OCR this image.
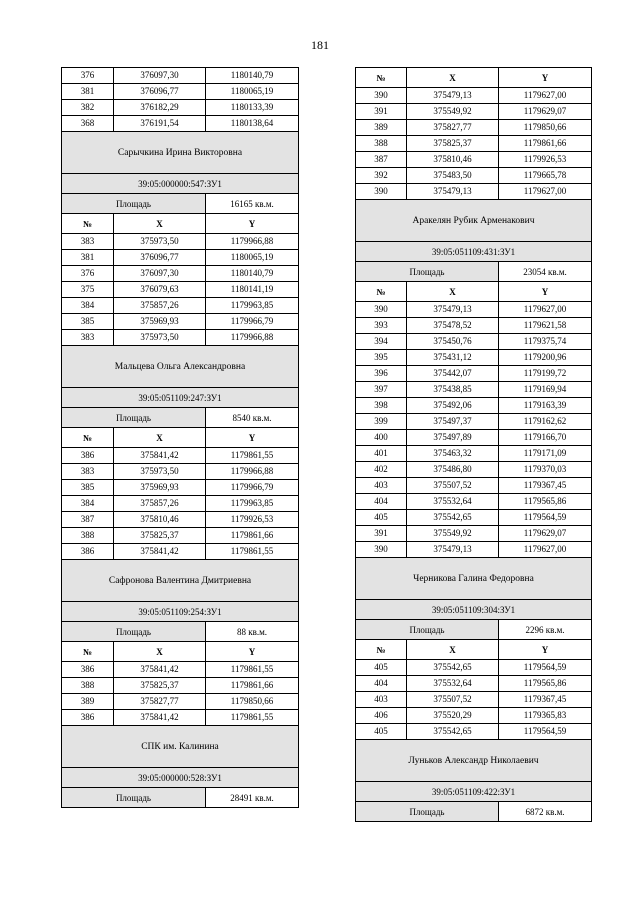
181
376	376097,30	1180140,79
381	376096,77	1180065,19
382	376182,29	1180133,39
368	376191,54	1180138,64
Сарычкина Ирина Викторовна		
39:05:000000:547:ЗУ1		
Площадь		16165 кв.м.
№	X	Y
383	375973,50	1179966,88
381	376096,77	1180065,19
376	376097,30	1180140,79
375	376079,63	1180141,19
384	375857,26	1179963,85
385	375969,93	1179966,79
383	375973,50	1179966,88
Мальцева Ольга Александровна		
39:05:051109:247:ЗУ1		
Площадь		8540 кв.м.
№	X	Y
386	375841,42	1179861,55
383	375973,50	1179966,88
385	375969,93	1179966,79
384	375857,26	1179963,85
387	375810,46	1179926,53
388	375825,37	1179861,66
386	375841,42	1179861,55
Сафронова Валентина Дмитриевна		
39:05:051109:254:ЗУ1		
Площадь		88 кв.м.
№	X	Y
386	375841,42	1179861,55
388	375825,37	1179861,66
389	375827,77	1179850,66
386	375841,42	1179861,55
СПК им. Калинина		
39:05:000000:528:ЗУ1		
Площадь		28491 кв.м.
№	X	Y
390	375479,13	1179627,00
391	375549,92	1179629,07
389	375827,77	1179850,66
388	375825,37	1179861,66
387	375810,46	1179926,53
392	375483,50	1179665,78
390	375479,13	1179627,00
Аракелян Рубик Арменакович		
39:05:051109:431:ЗУ1		
Площадь		23054 кв.м.
№	X	Y
390	375479,13	1179627,00
393	375478,52	1179621,58
394	375450,76	1179375,74
395	375431,12	1179200,96
396	375442,07	1179199,72
397	375438,85	1179169,94
398	375492,06	1179163,39
399	375497,37	1179162,62
400	375497,89	1179166,70
401	375463,32	1179171,09
402	375486,80	1179370,03
403	375507,52	1179367,45
404	375532,64	1179565,86
405	375542,65	1179564,59
391	375549,92	1179629,07
390	375479,13	1179627,00
Черникова Галина Федоровна		
39:05:051109:304:ЗУ1		
Площадь		2296 кв.м.
№	X	Y
405	375542,65	1179564,59
404	375532,64	1179565,86
403	375507,52	1179367,45
406	375520,29	1179365,83
405	375542,65	1179564,59
Луньков Александр Николаевич		
39:05:051109:422:ЗУ1		
Площадь		6872 кв.м.
